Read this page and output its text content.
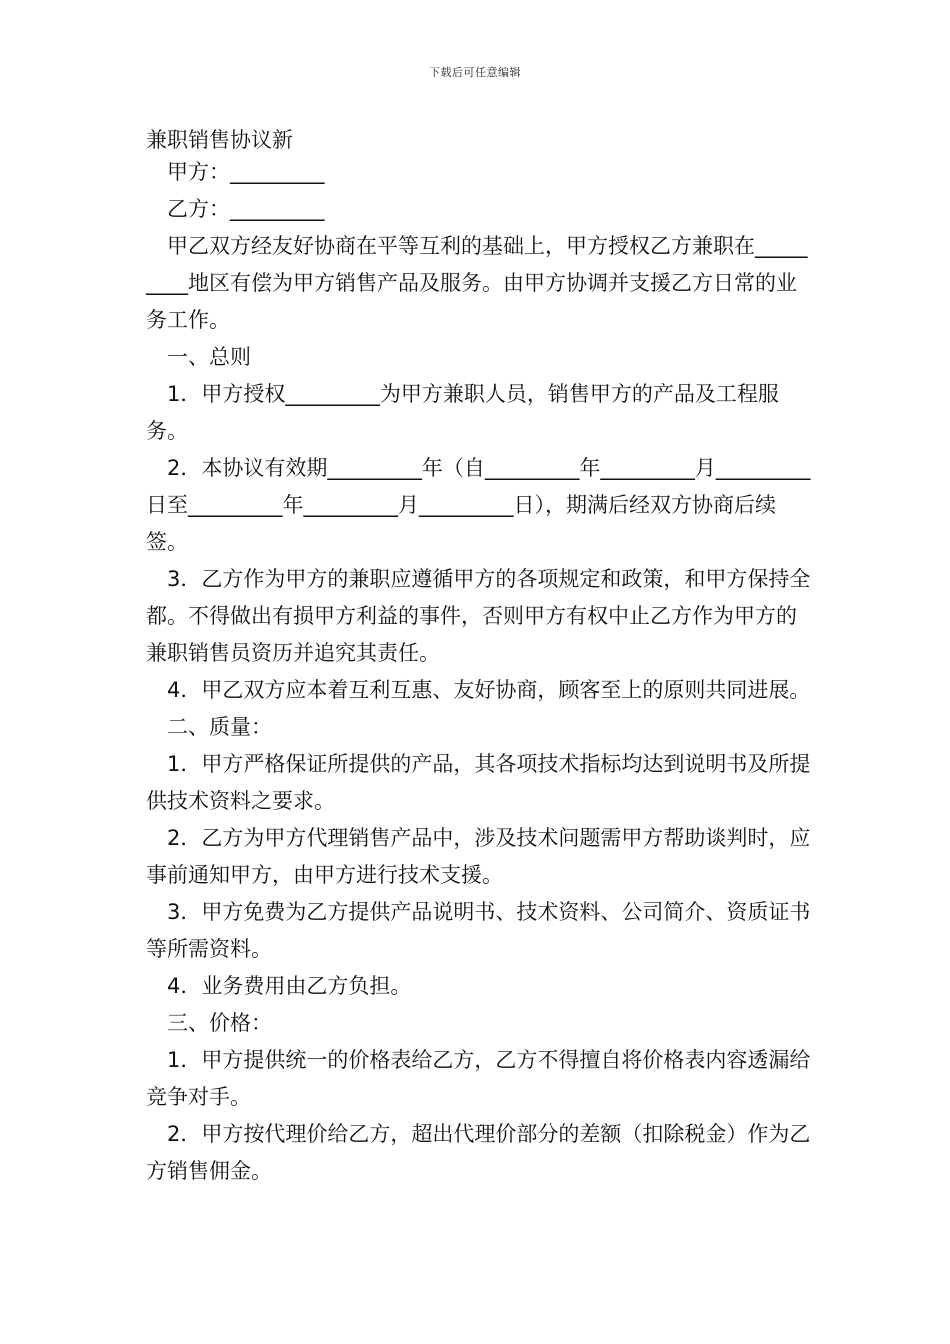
下载后可任意编辑
兼职销售协议新

甲方：_________

乙方：_________

甲乙双方经友好协商在平等互利的基础上，甲方授权乙方兼职在_________地区有偿为甲方销售产品及服务。由甲方协调并支援乙方日常的业务工作。

一、总则

1．甲方授权_________为甲方兼职人员，销售甲方的产品及工程服务。

2．本协议有效期_________年（自_________年_________月_________日至_________年_________月_________日），期满后经双方协商后续签。

3．乙方作为甲方的兼职应遵循甲方的各项规定和政策，和甲方保持全都。不得做出有损甲方利益的事件，否则甲方有权中止乙方作为甲方的兼职销售员资历并追究其责任。

4．甲乙双方应本着互利互惠、友好协商，顾客至上的原则共同进展。

二、质量：

1．甲方严格保证所提供的产品，其各项技术指标均达到说明书及所提供技术资料之要求。

2．乙方为甲方代理销售产品中，涉及技术问题需甲方帮助谈判时，应事前通知甲方，由甲方进行技术支援。

3．甲方免费为乙方提供产品说明书、技术资料、公司简介、资质证书等所需资料。

4．业务费用由乙方负担。

三、价格：

1．甲方提供统一的价格表给乙方，乙方不得擅自将价格表内容透漏给竞争对手。

2．甲方按代理价给乙方，超出代理价部分的差额（扣除税金）作为乙方销售佣金。
